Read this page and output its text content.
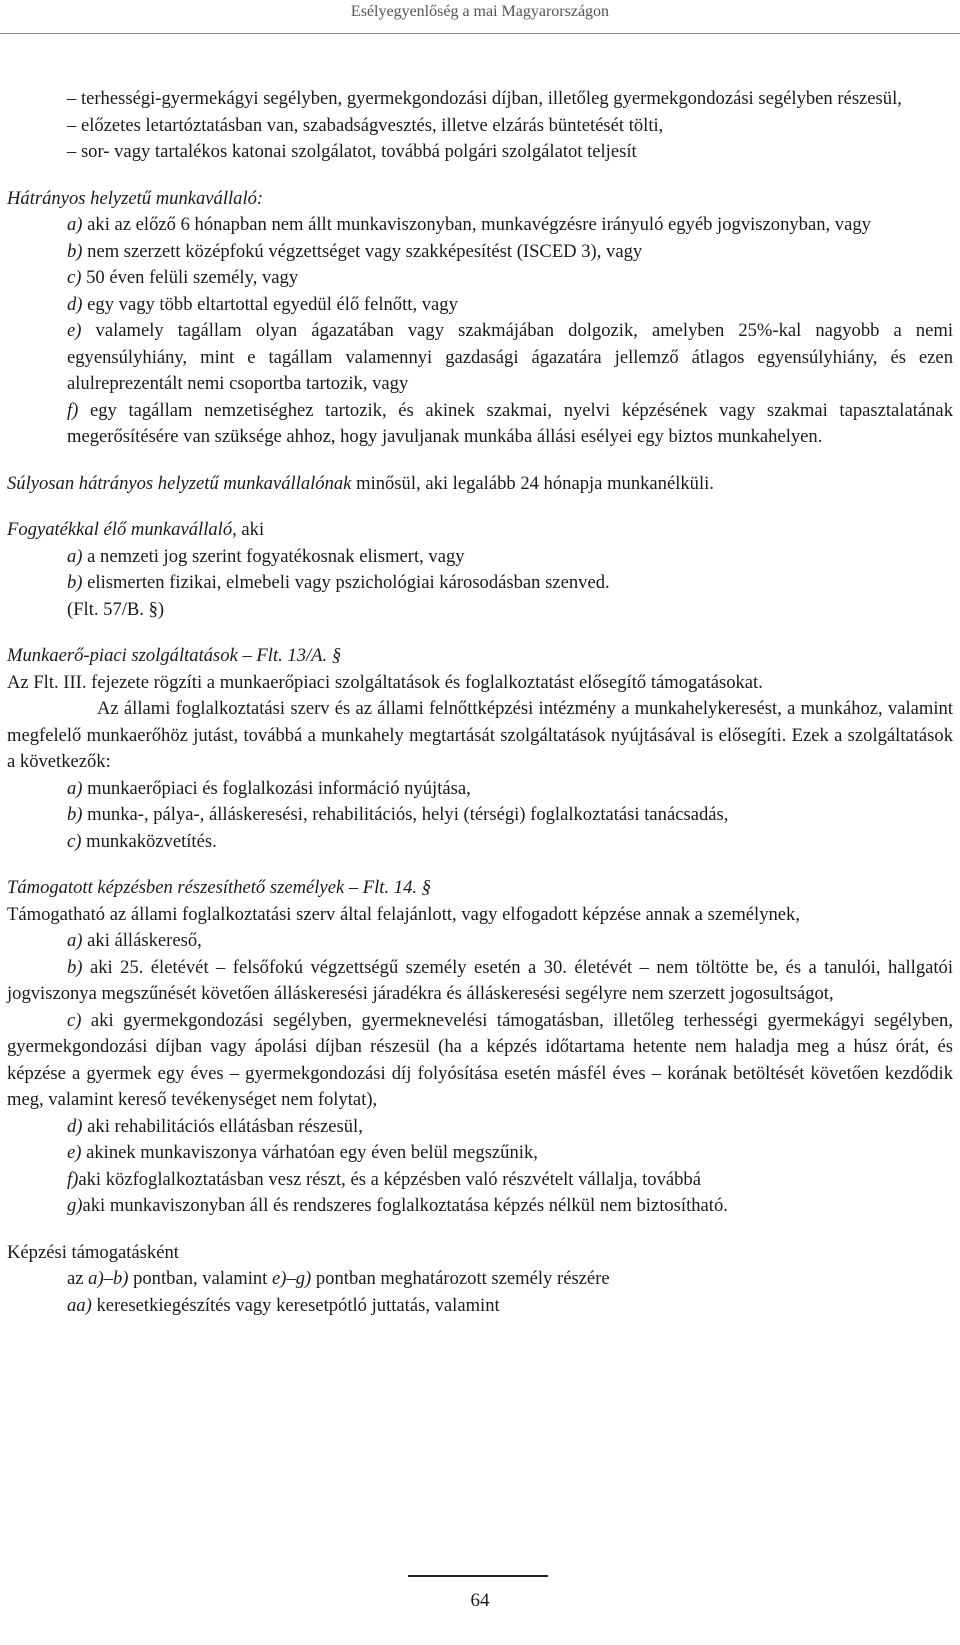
Esélyegyenlőség a mai Magyarországon

– terhességi-gyermekágyi segélyben, gyermekgondozási díjban, illetőleg gyermekgondozási segélyben részesül,

– előzetes letartóztatásban van, szabadságvesztés, illetve elzárás büntetését tölti,

– sor- vagy tartalékos katonai szolgálatot, továbbá polgári szolgálatot teljesít

Hátrányos helyzetű munkavállaló:

a) aki az előző 6 hónapban nem állt munkaviszonyban, munkavégzésre irányuló egyéb jogviszonyban, vagy

b) nem szerzett középfokú végzettséget vagy szakképesítést (ISCED 3), vagy

c) 50 éven felüli személy, vagy

d) egy vagy több eltartottal egyedül élő felnőtt, vagy

e) valamely tagállam olyan ágazatában vagy szakmájában dolgozik, amelyben 25%-kal nagyobb a nemi egyensúlyhiány, mint e tagállam valamennyi gazdasági ágazatára jellemző átlagos egyensúlyhiány, és ezen alulreprezentált nemi csoportba tartozik, vagy

f) egy tagállam nemzetiséghez tartozik, és akinek szakmai, nyelvi képzésének vagy szakmai tapasztalatának megerősítésére van szüksége ahhoz, hogy javuljanak munkába állási esélyei egy biztos munkahelyen.

Súlyosan hátrányos helyzetű munkavállalónak minősül, aki legalább 24 hónapja munkanélküli.

Fogyatékkal élő munkavállaló, aki

a) a nemzeti jog szerint fogyatékosnak elismert, vagy

b) elismerten fizikai, elmebeli vagy pszichológiai károsodásban szenved.

(Flt. 57/B. §)

Munkaerő-piaci szolgáltatások – Flt. 13/A. §

Az Flt. III. fejezete rögzíti a munkaerőpiaci szolgáltatások és foglalkoztatást elősegítő támogatásokat.

Az állami foglalkoztatási szerv és az állami felnőttképzési intézmény a munkahelykeresést, a munkához, valamint megfelelő munkaerőhöz jutást, továbbá a munkahely megtartását szolgáltatások nyújtásával is elősegíti. Ezek a szolgáltatások a következők:

a) munkaerőpiaci és foglalkozási információ nyújtása,

b) munka-, pálya-, álláskeresési, rehabilitációs, helyi (térségi) foglalkoztatási tanácsadás,

c) munkaközvetítés.

Támogatott képzésben részesíthető személyek – Flt. 14. §

Támogatható az állami foglalkoztatási szerv által felajánlott, vagy elfogadott képzése annak a személynek,

a) aki álláskereső,

b) aki 25. életévét – felsőfokú végzettségű személy esetén a 30. életévét – nem töltötte be, és a tanulói, hallgatói jogviszonya megszűnését követően álláskeresési járadékra és álláskeresési segélyre nem szerzett jogosultságot,

c) aki gyermekgondozási segélyben, gyermeknevelési támogatásban, illetőleg terhességi gyermekágyi segélyben, gyermekgondozási díjban vagy ápolási díjban részesül (ha a képzés időtartama hetente nem haladja meg a húsz órát, és képzése a gyermek egy éves – gyermekgondozási díj folyósítása esetén másfél éves – korának betöltését követően kezdődik meg, valamint kereső tevékenységet nem folytat),

d) aki rehabilitációs ellátásban részesül,

e) akinek munkaviszonya várhatóan egy éven belül megszűnik,

f)aki közfoglalkoztatásban vesz részt, és a képzésben való részvételt vállalja, továbbá

g)aki munkaviszonyban áll és rendszeres foglalkoztatása képzés nélkül nem biztosítható.

Képzési támogatásként

az a)–b) pontban, valamint e)–g) pontban meghatározott személy részére

aa) keresetkiegészítés vagy keresetpótló juttatás, valamint

64
